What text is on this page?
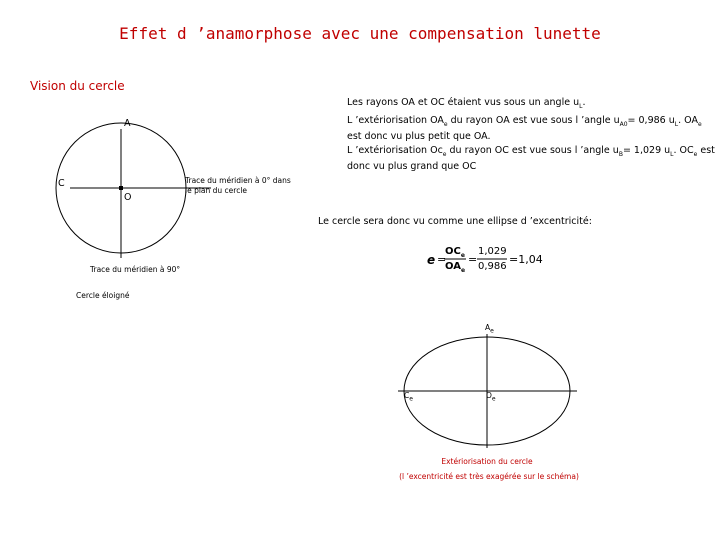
Effet d ’anamorphose avec une compensation lunette
Vision du cercle
A
C
O
Trace du méridien à 0° dans le plan du cercle
Trace du méridien à 90°
Cercle éloigné
Les rayons OA et OC étaient vus sous un angle $u_L$.
L ’extériorisation $OA_e$ du rayon OA est vue sous l ’angle $u_{A0}= 0,986$ $u_L$. $OA_e$
est donc vu plus petit que OA.
L ’extériorisation $Oc_e$ du rayon OC est vue sous l ’angle $u_B= 1,029$ $u_L$. $OC_e$ est
donc vu plus grand que OC
Le cercle sera donc vu comme une ellipse d ’excentricité:
e =
$OC_e$
$OA_e$
=
1,029
0,986
=1,04
$A_e$
$C_e$	$O_e$
Extériorisation du cercle
(l ’excentricité est très exagérée sur le schéma)
